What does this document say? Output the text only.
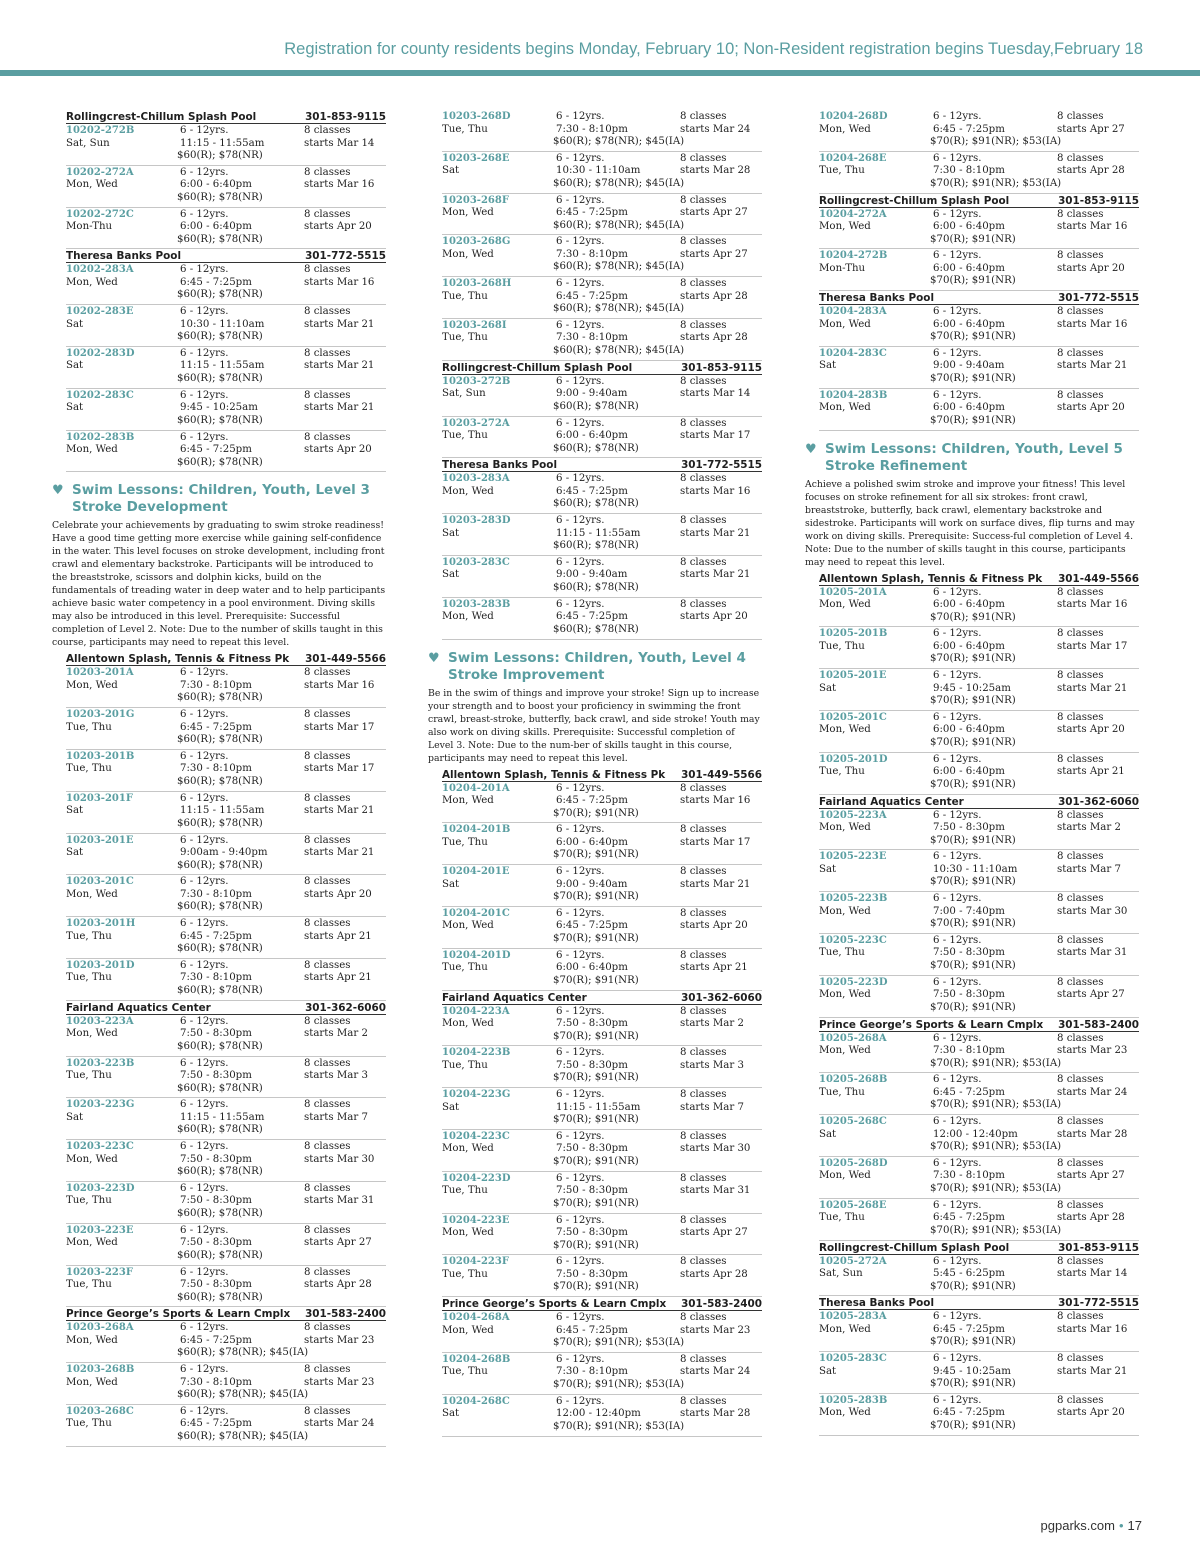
Registration for county residents begins Monday, February 10; Non-Resident registration begins Tuesday,February 18
Rollingcrest-Chillum Splash Pool	301-853-9115
10202-272B
Sat, Sun
6 - 12yrs.
11:15 - 11:55am
$60(R); $78(NR)
8 classes
starts Mar 14
10202-272A
Mon, Wed
6 - 12yrs.
6:00 - 6:40pm
$60(R); $78(NR)
8 classes
starts Mar 16
10202-272C
Mon-Thu
6 - 12yrs.
6:00 - 6:40pm
$60(R); $78(NR)
8 classes
starts Apr 20
Theresa Banks Pool	301-772-5515
10202-283A
Mon, Wed
6 - 12yrs.
6:45 - 7:25pm
$60(R); $78(NR)
8 classes
starts Mar 16
10202-283E
Sat
6 - 12yrs.
10:30 - 11:10am
$60(R); $78(NR)
8 classes
starts Mar 21
10202-283D
Sat
6 - 12yrs.
11:15 - 11:55am
$60(R); $78(NR)
8 classes
starts Mar 21
10202-283C
Sat
6 - 12yrs.
9:45 - 10:25am
$60(R); $78(NR)
8 classes
starts Mar 21
10202-283B
Mon, Wed
6 - 12yrs.
6:45 - 7:25pm
$60(R); $78(NR)
8 classes
starts Apr 20
♥ Swim Lessons: Children, Youth, Level 3
Stroke Development

Celebrate your achievements by graduating to swim stroke readiness! Have a good time getting more exercise while gaining self-confidence in the water. This level focuses on stroke development, including front crawl and elementary backstroke. Participants will be introduced to the breaststroke, scissors and dolphin kicks, build on the fundamentals of treading water in deep water and to help participants achieve basic water competency in a pool environment. Diving skills may also be introduced in this level. Prerequisite: Successful completion of Level 2. Note: Due to the number of skills taught in this course, participants may need to repeat this level.

Allentown Splash, Tennis & Fitness Pk 301-449-5566
10203-201A
Mon, Wed
6 - 12yrs.
7:30 - 8:10pm
$60(R); $78(NR)
8 classes
starts Mar 16
10203-201G
Tue, Thu
6 - 12yrs.
6:45 - 7:25pm
$60(R); $78(NR)
8 classes
starts Mar 17
10203-201B
Tue, Thu
6 - 12yrs.
7:30 - 8:10pm
$60(R); $78(NR)
8 classes
starts Mar 17
10203-201F
Sat
6 - 12yrs.
11:15 - 11:55am
$60(R); $78(NR)
8 classes
starts Mar 21
10203-201E
Sat
6 - 12yrs.
9:00am - 9:40pm
$60(R); $78(NR)
8 classes
starts Mar 21
10203-201C
Mon, Wed
6 - 12yrs.
7:30 - 8:10pm
$60(R); $78(NR)
8 classes
starts Apr 20
10203-201H
Tue, Thu
6 - 12yrs.
6:45 - 7:25pm
$60(R); $78(NR)
8 classes
starts Apr 21
10203-201D
Tue, Thu
6 - 12yrs.
7:30 - 8:10pm
$60(R); $78(NR)
8 classes
starts Apr 21
Fairland Aquatics Center	301-362-6060
10203-223A
Mon, Wed
6 - 12yrs.
7:50 - 8:30pm
$60(R); $78(NR)
8 classes
starts Mar 2
10203-223B
Tue, Thu
6 - 12yrs.
7:50 - 8:30pm
$60(R); $78(NR)
8 classes
starts Mar 3
10203-223G
Sat
6 - 12yrs.
11:15 - 11:55am
$60(R); $78(NR)
8 classes
starts Mar 7
10203-223C
Mon, Wed
6 - 12yrs.
7:50 - 8:30pm
$60(R); $78(NR)
8 classes
starts Mar 30
10203-223D
Tue, Thu
6 - 12yrs.
7:50 - 8:30pm
$60(R); $78(NR)
8 classes
starts Mar 31
10203-223E
Mon, Wed
6 - 12yrs.
7:50 - 8:30pm
$60(R); $78(NR)
8 classes
starts Apr 27
10203-223F
Tue, Thu
6 - 12yrs.
7:50 - 8:30pm
$60(R); $78(NR)
8 classes
starts Apr 28
Prince George’s Sports & Learn Cmplx 301-583-2400
10203-268A
Mon, Wed
6 - 12yrs.
6:45 - 7:25pm
$60(R); $78(NR); $45(IA)
8 classes
starts Mar 23
10203-268B
Mon, Wed
6 - 12yrs.
7:30 - 8:10pm
$60(R); $78(NR); $45(IA)
8 classes
starts Mar 23
10203-268C
Tue, Thu
6 - 12yrs.
6:45 - 7:25pm
$60(R); $78(NR); $45(IA)
8 classes
starts Mar 24
10203-268D
Tue, Thu
6 - 12yrs.
7:30 - 8:10pm
$60(R); $78(NR); $45(IA)
8 classes
starts Mar 24
10203-268E
Sat
6 - 12yrs.
10:30 - 11:10am
$60(R); $78(NR); $45(IA)
8 classes
starts Mar 28
10203-268F
Mon, Wed
6 - 12yrs.
6:45 - 7:25pm
$60(R); $78(NR); $45(IA)
8 classes
starts Apr 27
10203-268G
Mon, Wed
6 - 12yrs.
7:30 - 8:10pm
$60(R); $78(NR); $45(IA)
8 classes
starts Apr 27
10203-268H
Tue, Thu
6 - 12yrs.
6:45 - 7:25pm
$60(R); $78(NR); $45(IA)
8 classes
starts Apr 28
10203-268I
Tue, Thu
6 - 12yrs.
7:30 - 8:10pm
$60(R); $78(NR); $45(IA)
8 classes
starts Apr 28
Rollingcrest-Chillum Splash Pool	301-853-9115
10203-272B
Sat, Sun
6 - 12yrs.
9:00 - 9:40am
$60(R); $78(NR)
8 classes
starts Mar 14
10203-272A
Tue, Thu
6 - 12yrs.
6:00 - 6:40pm
$60(R); $78(NR)
8 classes
starts Mar 17
Theresa Banks Pool	301-772-5515
10203-283A
Mon, Wed
6 - 12yrs.
6:45 - 7:25pm
$60(R); $78(NR)
8 classes
starts Mar 16
10203-283D
Sat
6 - 12yrs.
11:15 - 11:55am
$60(R); $78(NR)
8 classes
starts Mar 21
10203-283C
Sat
6 - 12yrs.
9:00 - 9:40am
$60(R); $78(NR)
8 classes
starts Mar 21
10203-283B
Mon, Wed
6 - 12yrs.
6:45 - 7:25pm
$60(R); $78(NR)
8 classes
starts Apr 20
♥ Swim Lessons: Children, Youth, Level 4
Stroke Improvement

Be in the swim of things and improve your stroke! Sign up to increase your strength and to boost your proficiency in swimming the front crawl, breast-stroke, butterfly, back crawl, and side stroke! Youth may also work on diving skills. Prerequisite: Successful completion of Level 3. Note: Due to the num-ber of skills taught in this course, participants may need to repeat this level.

Allentown Splash, Tennis & Fitness Pk 301-449-5566
10204-201A
Mon, Wed
6 - 12yrs.
6:45 - 7:25pm
$70(R); $91(NR)
8 classes
starts Mar 16
10204-201B
Tue, Thu
6 - 12yrs.
6:00 - 6:40pm
$70(R); $91(NR)
8 classes
starts Mar 17
10204-201E
Sat
6 - 12yrs.
9:00 - 9:40am
$70(R); $91(NR)
8 classes
starts Mar 21
10204-201C
Mon, Wed
6 - 12yrs.
6:45 - 7:25pm
$70(R); $91(NR)
8 classes
starts Apr 20
10204-201D
Tue, Thu
6 - 12yrs.
6:00 - 6:40pm
$70(R); $91(NR)
8 classes
starts Apr 21
Fairland Aquatics Center	301-362-6060
10204-223A
Mon, Wed
6 - 12yrs.
7:50 - 8:30pm
$70(R); $91(NR)
8 classes
starts Mar 2
10204-223B
Tue, Thu
6 - 12yrs.
7:50 - 8:30pm
$70(R); $91(NR)
8 classes
starts Mar 3
10204-223G
Sat
6 - 12yrs.
11:15 - 11:55am
$70(R); $91(NR)
8 classes
starts Mar 7
10204-223C
Mon, Wed
6 - 12yrs.
7:50 - 8:30pm
$70(R); $91(NR)
8 classes
starts Mar 30
10204-223D
Tue, Thu
6 - 12yrs.
7:50 - 8:30pm
$70(R); $91(NR)
8 classes
starts Mar 31
10204-223E
Mon, Wed
6 - 12yrs.
7:50 - 8:30pm
$70(R); $91(NR)
8 classes
starts Apr 27
10204-223F
Tue, Thu
6 - 12yrs.
7:50 - 8:30pm
$70(R); $91(NR)
8 classes
starts Apr 28
Prince George’s Sports & Learn Cmplx 301-583-2400
10204-268A
Mon, Wed
6 - 12yrs.
6:45 - 7:25pm
$70(R); $91(NR); $53(IA)
8 classes
starts Mar 23
10204-268B
Tue, Thu
6 - 12yrs.
7:30 - 8:10pm
$70(R); $91(NR); $53(IA)
8 classes
starts Mar 24
10204-268C
Sat
6 - 12yrs.
12:00 - 12:40pm
$70(R); $91(NR); $53(IA)
8 classes
starts Mar 28
10204-268D
Mon, Wed
6 - 12yrs.
6:45 - 7:25pm
$70(R); $91(NR); $53(IA)
8 classes
starts Apr 27
10204-268E
Tue, Thu
6 - 12yrs.
7:30 - 8:10pm
$70(R); $91(NR); $53(IA)
8 classes
starts Apr 28
Rollingcrest-Chillum Splash Pool	301-853-9115
10204-272A
Mon, Wed
6 - 12yrs.
6:00 - 6:40pm
$70(R); $91(NR)
8 classes
starts Mar 16
10204-272B
Mon-Thu
6 - 12yrs.
6:00 - 6:40pm
$70(R); $91(NR)
8 classes
starts Apr 20
Theresa Banks Pool	301-772-5515
10204-283A
Mon, Wed
6 - 12yrs.
6:00 - 6:40pm
$70(R); $91(NR)
8 classes
starts Mar 16
10204-283C
Sat
6 - 12yrs.
9:00 - 9:40am
$70(R); $91(NR)
8 classes
starts Mar 21
10204-283B
Mon, Wed
6 - 12yrs.
6:00 - 6:40pm
$70(R); $91(NR)
8 classes
starts Apr 20
♥ Swim Lessons: Children, Youth, Level 5
Stroke Refinement

Achieve a polished swim stroke and improve your fitness! This level focuses on stroke refinement for all six strokes: front crawl, breaststroke, butterfly, back crawl, elementary backstroke and sidestroke. Participants will work on surface dives, flip turns and may work on diving skills. Prerequisite: Success-ful completion of Level 4. Note: Due to the number of skills taught in this course, participants may need to repeat this level.

Allentown Splash, Tennis & Fitness Pk 301-449-5566
10205-201A
Mon, Wed
6 - 12yrs.
6:00 - 6:40pm
$70(R); $91(NR)
8 classes
starts Mar 16
10205-201B
Tue, Thu
6 - 12yrs.
6:00 - 6:40pm
$70(R); $91(NR)
8 classes
starts Mar 17
10205-201E
Sat
6 - 12yrs.
9:45 - 10:25am
$70(R); $91(NR)
8 classes
starts Mar 21
10205-201C
Mon, Wed
6 - 12yrs.
6:00 - 6:40pm
$70(R); $91(NR)
8 classes
starts Apr 20
10205-201D
Tue, Thu
6 - 12yrs.
6:00 - 6:40pm
$70(R); $91(NR)
8 classes
starts Apr 21
Fairland Aquatics Center	301-362-6060
10205-223A
Mon, Wed
6 - 12yrs.
7:50 - 8:30pm
$70(R); $91(NR)
8 classes
starts Mar 2
10205-223E
Sat
6 - 12yrs.
10:30 - 11:10am
$70(R); $91(NR)
8 classes
starts Mar 7
10205-223B
Mon, Wed
6 - 12yrs.
7:00 - 7:40pm
$70(R); $91(NR)
8 classes
starts Mar 30
10205-223C
Tue, Thu
6 - 12yrs.
7:50 - 8:30pm
$70(R); $91(NR)
8 classes
starts Mar 31
10205-223D
Mon, Wed
6 - 12yrs.
7:50 - 8:30pm
$70(R); $91(NR)
8 classes
starts Apr 27
Prince George’s Sports & Learn Cmplx 301-583-2400
10205-268A
Mon, Wed
6 - 12yrs.
7:30 - 8:10pm
$70(R); $91(NR); $53(IA)
8 classes
starts Mar 23
10205-268B
Tue, Thu
6 - 12yrs.
6:45 - 7:25pm
$70(R); $91(NR); $53(IA)
8 classes
starts Mar 24
10205-268C
Sat
6 - 12yrs.
12:00 - 12:40pm
$70(R); $91(NR); $53(IA)
8 classes
starts Mar 28
10205-268D
Mon, Wed
6 - 12yrs.
7:30 - 8:10pm
$70(R); $91(NR); $53(IA)
8 classes
starts Apr 27
10205-268E
Tue, Thu
6 - 12yrs.
6:45 - 7:25pm
$70(R); $91(NR); $53(IA)
8 classes
starts Apr 28
Rollingcrest-Chillum Splash Pool	301-853-9115
10205-272A
Sat, Sun
6 - 12yrs.
5:45 - 6:25pm
$70(R); $91(NR)
8 classes
starts Mar 14
Theresa Banks Pool	301-772-5515
10205-283A
Mon, Wed
6 - 12yrs.
6:45 - 7:25pm
$70(R); $91(NR)
8 classes
starts Mar 16
10205-283C
Sat
6 - 12yrs.
9:45 - 10:25am
$70(R); $91(NR)
8 classes
starts Mar 21
10205-283B
Mon, Wed
6 - 12yrs.
6:45 - 7:25pm
$70(R); $91(NR)
8 classes
starts Apr 20
pgparks.com • 17
